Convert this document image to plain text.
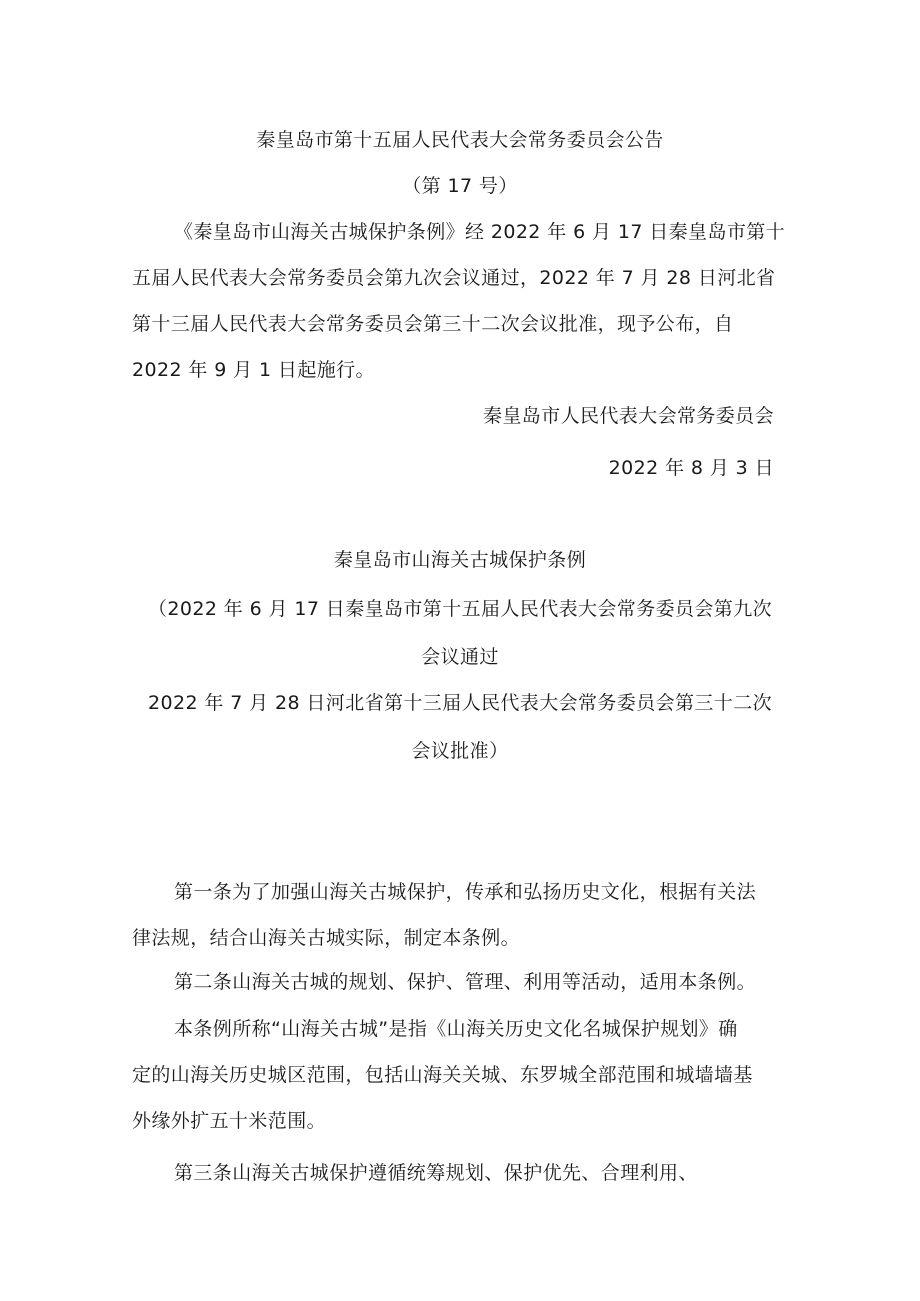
秦皇岛市第十五届人民代表大会常务委员会公告
（第 17 号）
《秦皇岛市山海关古城保护条例》经 2022 年 6 月 17 日秦皇岛市第十
五届人民代表大会常务委员会第九次会议通过，2022 年 7 月 28 日河北省
第十三届人民代表大会常务委员会第三十二次会议批准，现予公布，自
2022 年 9 月 1 日起施行。
秦皇岛市人民代表大会常务委员会
2022 年 8 月 3 日
秦皇岛市山海关古城保护条例
（2022 年 6 月 17 日秦皇岛市第十五届人民代表大会常务委员会第九次
会议通过
2022 年 7 月 28 日河北省第十三届人民代表大会常务委员会第三十二次
会议批准）
第一条为了加强山海关古城保护，传承和弘扬历史文化，根据有关法
律法规，结合山海关古城实际，制定本条例。
第二条山海关古城的规划、保护、管理、利用等活动，适用本条例。
本条例所称“山海关古城”是指《山海关历史文化名城保护规划》确
定的山海关历史城区范围，包括山海关关城、东罗城全部范围和城墙墙基
外缘外扩五十米范围。
第三条山海关古城保护遵循统筹规划、保护优先、合理利用、
